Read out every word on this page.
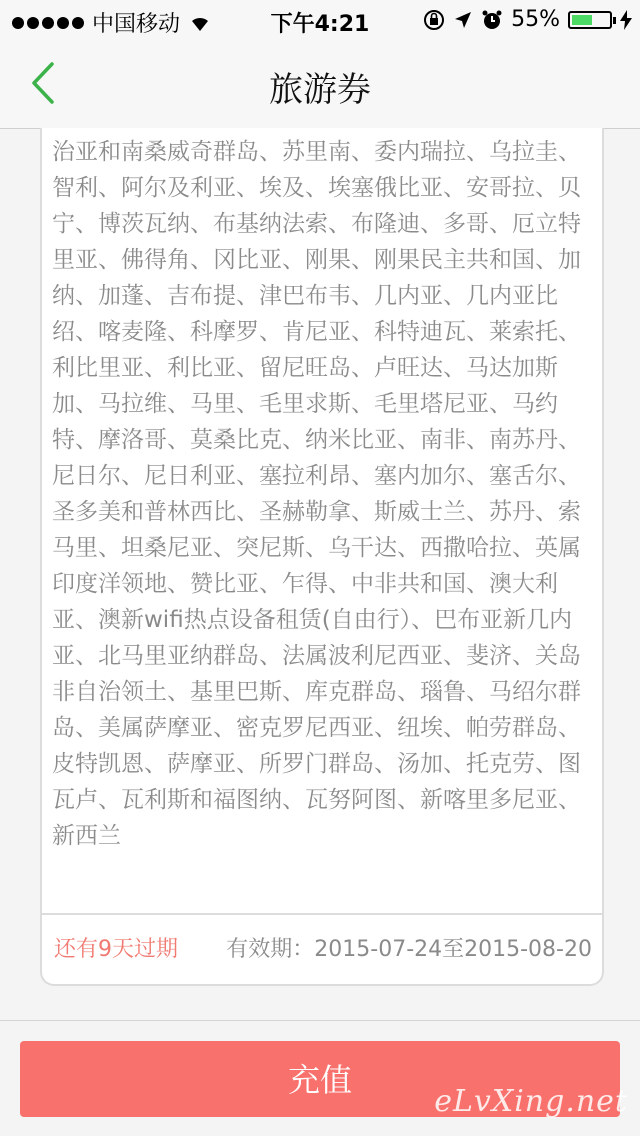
中国移动	下午4:21	55%
旅游券

治亚和南桑威奇群岛、苏里南、委内瑞拉、乌拉圭、智利、阿尔及利亚、埃及、埃塞俄比亚、安哥拉、贝宁、博茨瓦纳、布基纳法索、布隆迪、多哥、厄立特里亚、佛得角、冈比亚、刚果、刚果民主共和国、加纳、加蓬、吉布提、津巴布韦、几内亚、几内亚比绍、喀麦隆、科摩罗、肯尼亚、科特迪瓦、莱索托、利比里亚、利比亚、留尼旺岛、卢旺达、马达加斯加、马拉维、马里、毛里求斯、毛里塔尼亚、马约特、摩洛哥、莫桑比克、纳米比亚、南非、南苏丹、尼日尔、尼日利亚、塞拉利昂、塞内加尔、塞舌尔、圣多美和普林西比、圣赫勒拿、斯威士兰、苏丹、索马里、坦桑尼亚、突尼斯、乌干达、西撒哈拉、英属印度洋领地、赞比亚、乍得、中非共和国、澳大利亚、澳新wifi热点设备租赁(自由行）、巴布亚新几内亚、北马里亚纳群岛、法属波利尼西亚、斐济、关岛非自治领土、基里巴斯、库克群岛、瑙鲁、马绍尔群岛、美属萨摩亚、密克罗尼西亚、纽埃、帕劳群岛、皮特凯恩、萨摩亚、所罗门群岛、汤加、托克劳、图瓦卢、瓦利斯和福图纳、瓦努阿图、新喀里多尼亚、新西兰

还有9天过期 有效期：2015-07-24至2015-08-20
充值
eLvXing.net
